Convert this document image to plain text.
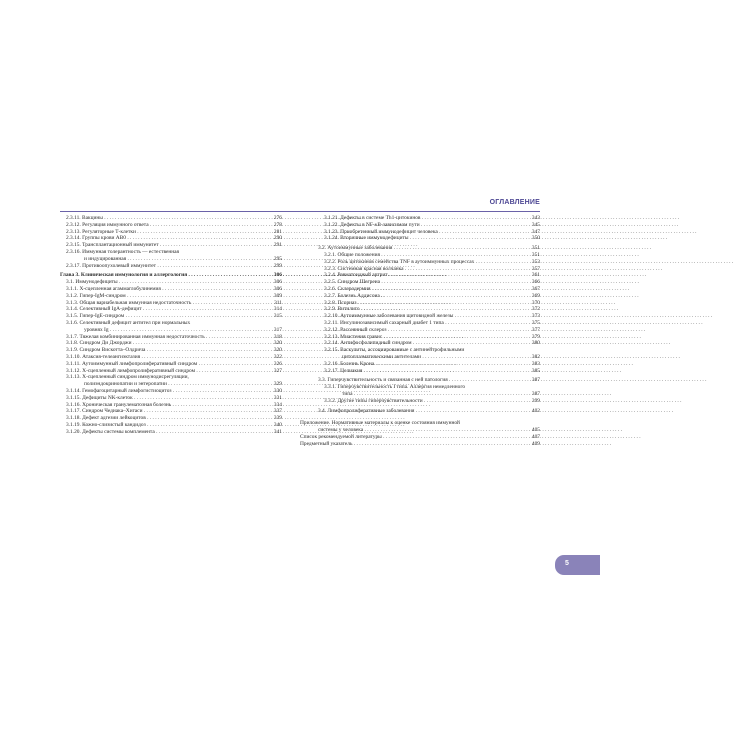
ОГЛАВЛЕНИЕ
2.3.11. Вакцины . . .	276
2.3.12. Регуляция иммунного ответа . . .	278
2.3.13. Регуляторные Т-клетки . . .	281
2.3.14. Группы крови АВ0 . . .	290
2.3.15. Трансплантационный иммунитет . . .	291
2.3.16. Иммунная толерантность — естественная
и индуцированная . . .	295
2.3.17. Противоопухолевый иммунитет . . .	299
Глава 3. Клиническая иммунология и аллергология . . .	306
3.1. Иммунодефициты . . .	306
3.1.1. Х-сцепленная агаммаглобулинемия . . .	306
3.1.2. Гипер-IgM-синдром . . .	309
3.1.3. Общая вариабельная иммунная недостаточность . . .	311
3.1.4. Селективный IgA-дефицит . . .	314
3.1.5. Гипер-IgE-синдром . . .	315
3.1.6. Селективный дефицит антител при нормальных
уровнях Ig . . .	317
3.1.7. Тяжелая комбинированная иммунная недостаточность . . .	318
3.1.8. Синдром Ди Джорджи . . .	320
3.1.9. Синдром Вискотта–Олдрича . . .	320
3.1.10. Атаксия-телеангиэктазия . . .	322
3.1.11. Аутоиммунный лимфопролиферативный синдром . . .	326
3.1.12. Х-сцепленный лимфопролиферативный синдром . . .	327
3.1.13. Х-сцепленный синдром иммунодисрегуляции,
полиэндокринопатии и энтеропатии . . .	329
3.1.14. Гемофагоцитарный лимфогистиоцитоз . . .	330
3.1.15. Дефициты NK-клеток . . .	331
3.1.16. Хроническая гранулематозная болезнь . . .	334
3.1.17. Синдром Чедиака–Хигаси . . .	337
3.1.18. Дефект адгезии лейкоцитов . . .	339
3.1.19. Кожно-слизистый кандидоз . . .	340
3.1.20. Дефекты системы комплемента . . .	341
3.1.21. Дефекты в системе Th1-цитокинов . . .	343
3.1.22. Дефекты в NF-κB-зависимом пути . . .	345
3.1.23. Приобретенный иммунодефицит человека . . .	347
3.1.24. Вторичные иммунодефициты . . .	350
3.2. Аутоиммунные заболевания . . .	351
3.2.1. Общие положения . . .	351
3.2.2. Роль цитокинов семейства TNF в аутоиммунных процессах . . .	353
3.2.3. Системная красная волчанка . . .	357
3.2.4. Ревматоидный артрит . . .	361
3.2.5. Синдром Шегрена . . .	366
3.2.6. Склеродермия . . .	367
3.2.7. Болезнь Аддисона . . .	369
3.2.8. Псориаз . . .	370
3.2.9. Витилиго . . .	372
3.2.10. Аутоиммунные заболевания щитовидной железы . . .	373
3.2.11. Инсулинозависимый сахарный диабет 1 типа . . .	375
3.2.12. Рассеянный склероз . . .	377
3.2.13. Миастения гравис . . .	379
3.2.14. Антифосфолипидный синдром . . .	380
3.2.15. Васкулиты, ассоциированные с антинейтрофильными
цитоплазматическими антителами . . .	382
3.2.16. Болезнь Крона . . .	383
3.2.17. Целиакия . . .	385
3.3. Гиперчувствительность и связанная с ней патология . . .	387
3.3.1. Гиперчувствительность I типа. Аллергия немедленного
типа . . .	387
3.3.2. Другие типы гиперчувствительности . . .	399
3.4. Лимфопролиферативные заболевания . . .	402
Приложение. Нормативные материалы к оценке состояния иммунной
системы у человека . . .	405
Список рекомендуемой литературы . . .	407
Предметный указатель . . .	409
5
